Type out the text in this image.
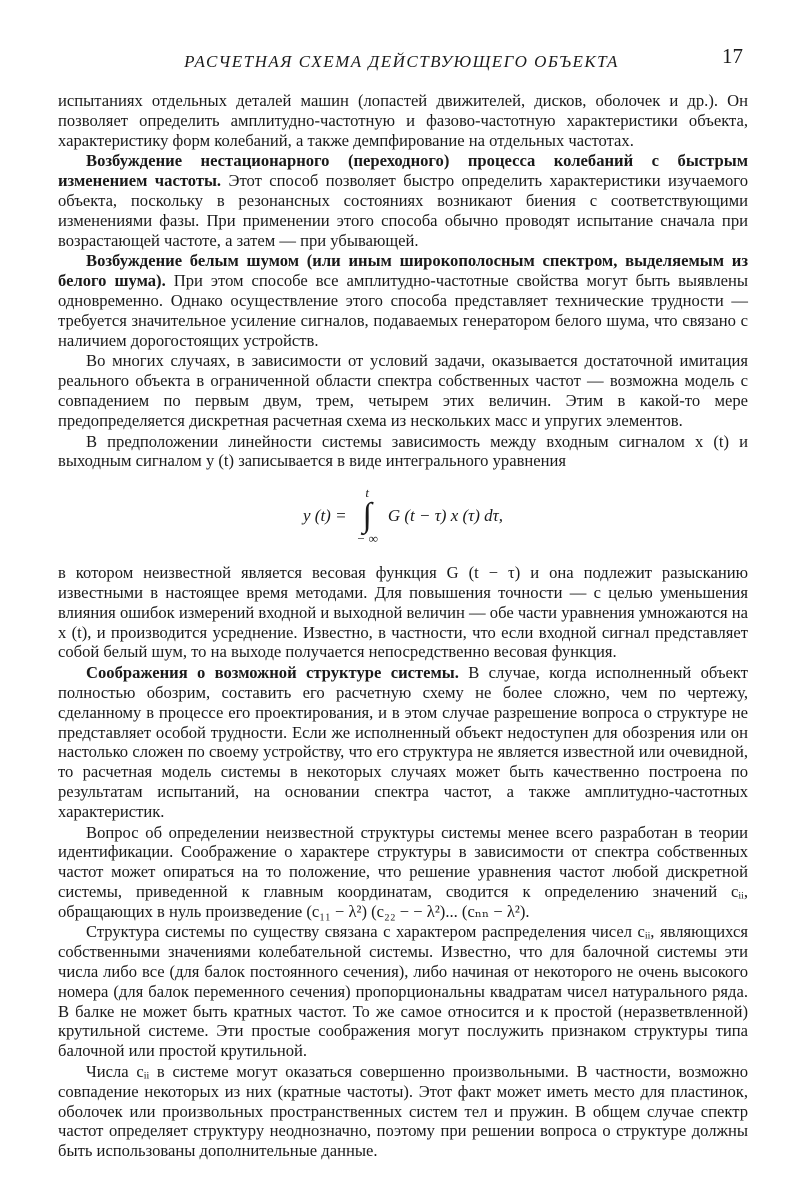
РАСЧЕТНАЯ СХЕМА ДЕЙСТВУЮЩЕГО ОБЪЕКТА	17

испытаниях отдельных деталей машин (лопастей движителей, дисков, оболочек и др.). Он позволяет определить амплитудно-частотную и фазово-частотную характеристики объекта, характеристику форм колебаний, а также демпфирование на отдельных частотах.

Возбуждение нестационарного (переходного) процесса колебаний с быстрым изменением частоты. Этот способ позволяет быстро определить характеристики изучаемого объекта, поскольку в резонансных состояниях возникают биения с соответствующими изменениями фазы. При применении этого способа обычно проводят испытание сначала при возрастающей частоте, а затем — при убывающей.

Возбуждение белым шумом (или иным широкополосным спектром, выделяемым из белого шума). При этом способе все амплитудно-частотные свойства могут быть выявлены одновременно. Однако осуществление этого способа представляет технические трудности — требуется значительное усиление сигналов, подаваемых генератором белого шума, что связано с наличием дорогостоящих устройств.

Во многих случаях, в зависимости от условий задачи, оказывается достаточной имитация реального объекта в ограниченной области спектра собственных частот — возможна модель с совпадением по первым двум, трем, четырем этих величин. Этим в какой-то мере предопределяется дискретная расчетная схема из нескольких масс и упругих элементов.

В предположении линейности системы зависимость между входным сигналом x (t) и выходным сигналом y (t) записывается в виде интегрального уравнения

y (t) =
t
∫
− ∞
G (t − τ) x (τ) dτ,

в котором неизвестной является весовая функция G (t − τ) и она подлежит разысканию известными в настоящее время методами. Для повышения точности — с целью уменьшения влияния ошибок измерений входной и выходной величин — обе части уравнения умножаются на x (t), и производится усреднение. Известно, в частности, что если входной сигнал представляет собой белый шум, то на выходе получается непосредственно весовая функция.

Соображения о возможной структуре системы. В случае, когда исполненный объект полностью обозрим, составить его расчетную схему не более сложно, чем по чертежу, сделанному в процессе его проектирования, и в этом случае разрешение вопроса о структуре не представляет особой трудности. Если же исполненный объект недоступен для обозрения или он настолько сложен по своему устройству, что его структура не является известной или очевидной, то расчетная модель системы в некоторых случаях может быть качественно построена по результатам испытаний, на основании спектра частот, а также амплитудно-частотных характеристик.

Вопрос об определении неизвестной структуры системы менее всего разработан в теории идентификации. Соображение о характере структуры в зависимости от спектра собственных частот может опираться на то положение, что решение уравнения частот любой дискретной системы, приведенной к главным координатам, сводится к определению значений cᵢᵢ, обращающих в нуль произведение (c₁₁ − λ²) (c₂₂ − − λ²)... (cₙₙ − λ²).

Структура системы по существу связана с характером распределения чисел cᵢᵢ, являющихся собственными значениями колебательной системы. Известно, что для балочной системы эти числа либо все (для балок постоянного сечения), либо начиная от некоторого не очень высокого номера (для балок переменного сечения) пропорциональны квадратам чисел натурального ряда. В балке не может быть кратных частот. То же самое относится и к простой (неразветвленной) крутильной системе. Эти простые соображения могут послужить признаком структуры типа балочной или простой крутильной.

Числа cᵢᵢ в системе могут оказаться совершенно произвольными. В частности, возможно совпадение некоторых из них (кратные частоты). Этот факт может иметь место для пластинок, оболочек или произвольных пространственных систем тел и пружин. В общем случае спектр частот определяет структуру неоднозначно, поэтому при решении вопроса о структуре должны быть использованы дополнительные данные.
